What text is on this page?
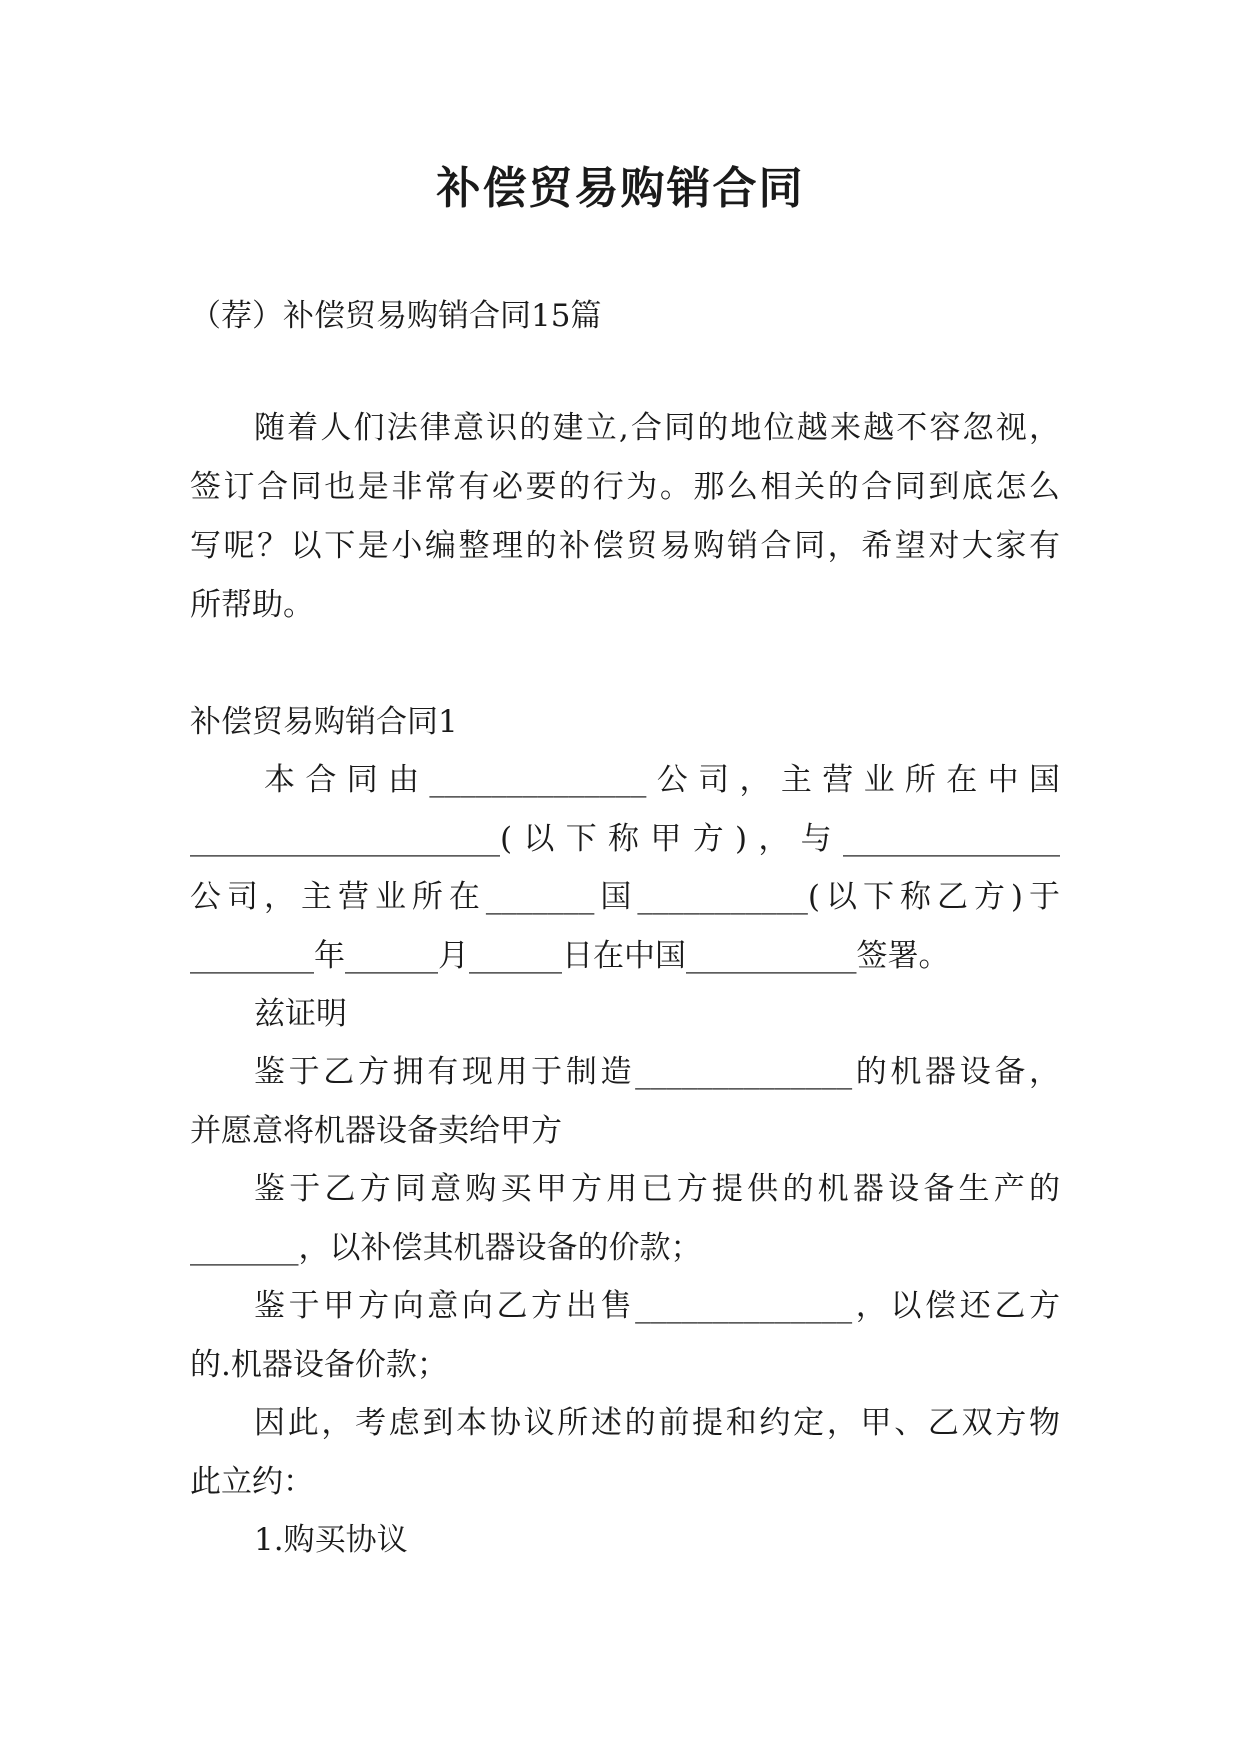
补偿贸易购销合同

（荐）补偿贸易购销合同15篇

随着人们法律意识的建立,合同的地位越来越不容忽视，

签订合同也是非常有必要的行为。那么相关的合同到底怎么

写呢？以下是小编整理的补偿贸易购销合同，希望对大家有

所帮助。

补偿贸易购销合同1

本合同由______________公司，主营业所在中国

____________________(以下称甲方)，与______________

公司，主营业所在_______国___________(以下称乙方)于

________年______月______日在中国___________签署。

兹证明

鉴于乙方拥有现用于制造______________的机器设备，

并愿意将机器设备卖给甲方

鉴于乙方同意购买甲方用已方提供的机器设备生产的

_______，以补偿其机器设备的价款；

鉴于甲方向意向乙方出售______________，以偿还乙方

的.机器设备价款；

因此，考虑到本协议所述的前提和约定，甲、乙双方物

此立约：

1.购买协议
